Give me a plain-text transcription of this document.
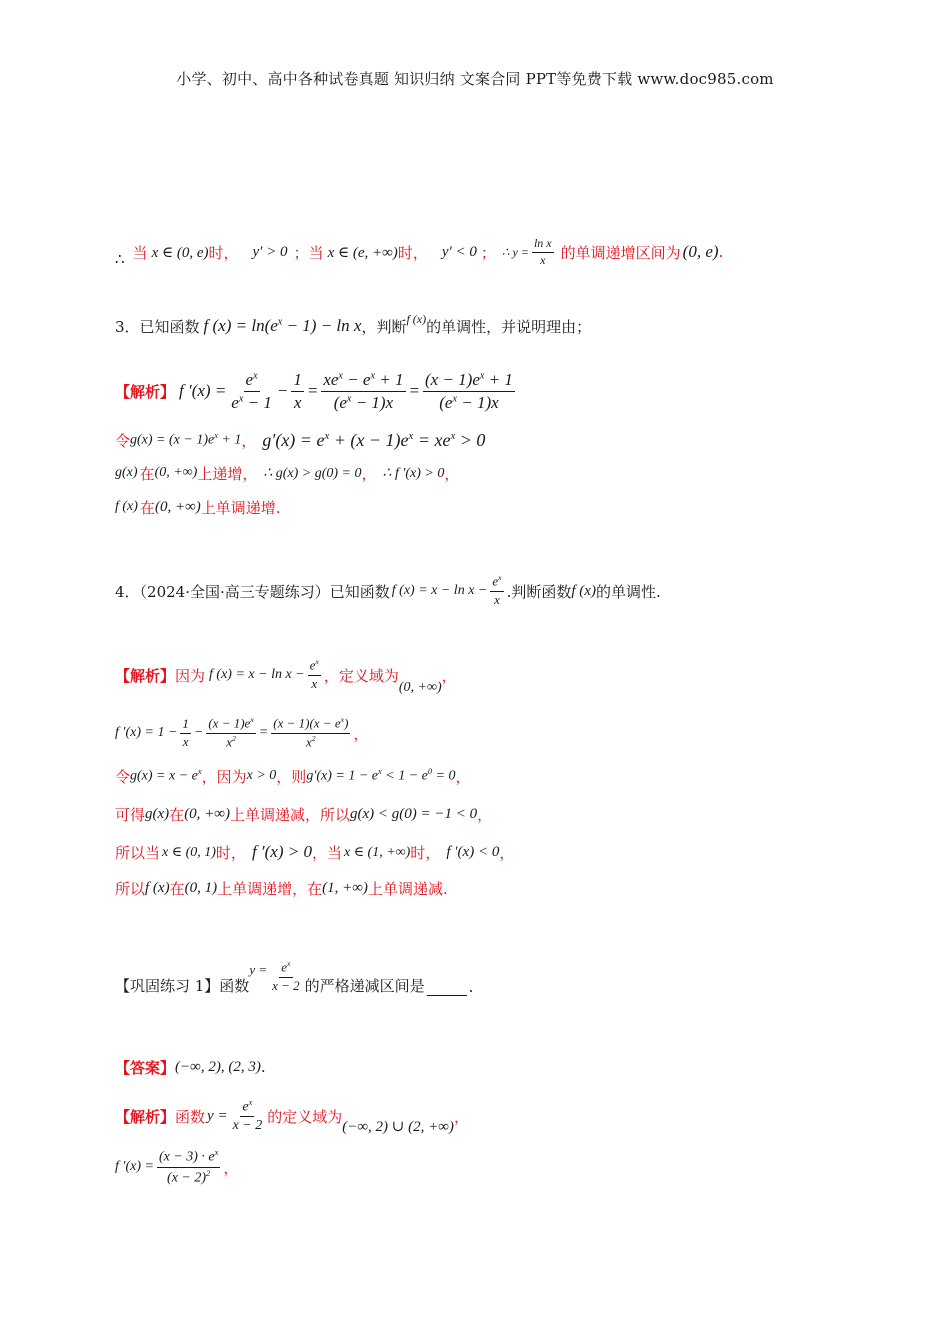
小学、初中、高中各种试卷真题 知识归纳 文案合同 PPT等免费下载 www.doc985.com
∴ 当 x ∈ (0, e) 时， y′ > 0 ；当 x ∈ (e, +∞) 时， y′ < 0 ； ∴ $y = \frac{\text{ln x}}{x}$ 的单调递增区间为 (0, e) .
3．已知函数 f $(x) = \ln(e^x - 1) - \ln x$ ，判断 f (x) 的单调性，并说明理由；
【解析】 f $'(x) = \frac{e^x}{e^x - 1} - \frac{1}{x} = \frac{xe^x - e^x + 1}{(e^x - 1)x} = \frac{(x - 1)e^x + 1}{(e^x - 1)x}$
令 $g(x) = (x - 1)e^x + 1$ ， $g'(x) = e^x + (x - 1)e^x = xe^x > 0$
g(x) 在 (0, +∞) 上递增， ∴ g(x) > g(0) = 0 ， ∴ f ′(x) > 0 ，
f (x) 在 (0, +∞) 上单调递增.
4．（2024·全国·高三专题练习）已知函数 f $(x) = x - \ln x - \frac{e^x}{x}$ .判断函数 f (x) 的单调性.
【解析】 因为 f $(x) = x - \ln x - \frac{e^x}{x}$ ，定义域为
(0, +∞)
，
f $'(x) = 1 - \frac{1}{x} - \frac{(x - 1)e^x}{x^2} = \frac{(x - 1)(x - e^x)}{x^2}$ ，
令 $g(x) = x - e^x$ ，因为 x > 0 ，则 $g'(x) = 1 - e^x < 1 - e^0 = 0$ ，
可得 g(x) 在 (0, +∞) 上单调递减，所以 g(x) < g(0) = −1 < 0 ，
所以当 x ∈ (0, 1) 时， f ′(x) > 0 ，当 x ∈ (1, +∞) 时， f ′(x) < 0 ，
所以 f (x) 在 (0, 1) 上单调递增，在 (1, +∞) 上单调递减.
【巩固练习 1】函数
$y = \frac{e^x}{x - 2}$ 的严格递减区间是	.
【答案】 (−∞, 2), (2, 3) .
【解析】 函数 $y = \frac{e^x}{x - 2}$ 的定义域为
(−∞, 2) ∪ (2, +∞)
，
f $'(x) = \frac{(x - 3) \cdot e^x}{(x - 2)^2}$ ，
